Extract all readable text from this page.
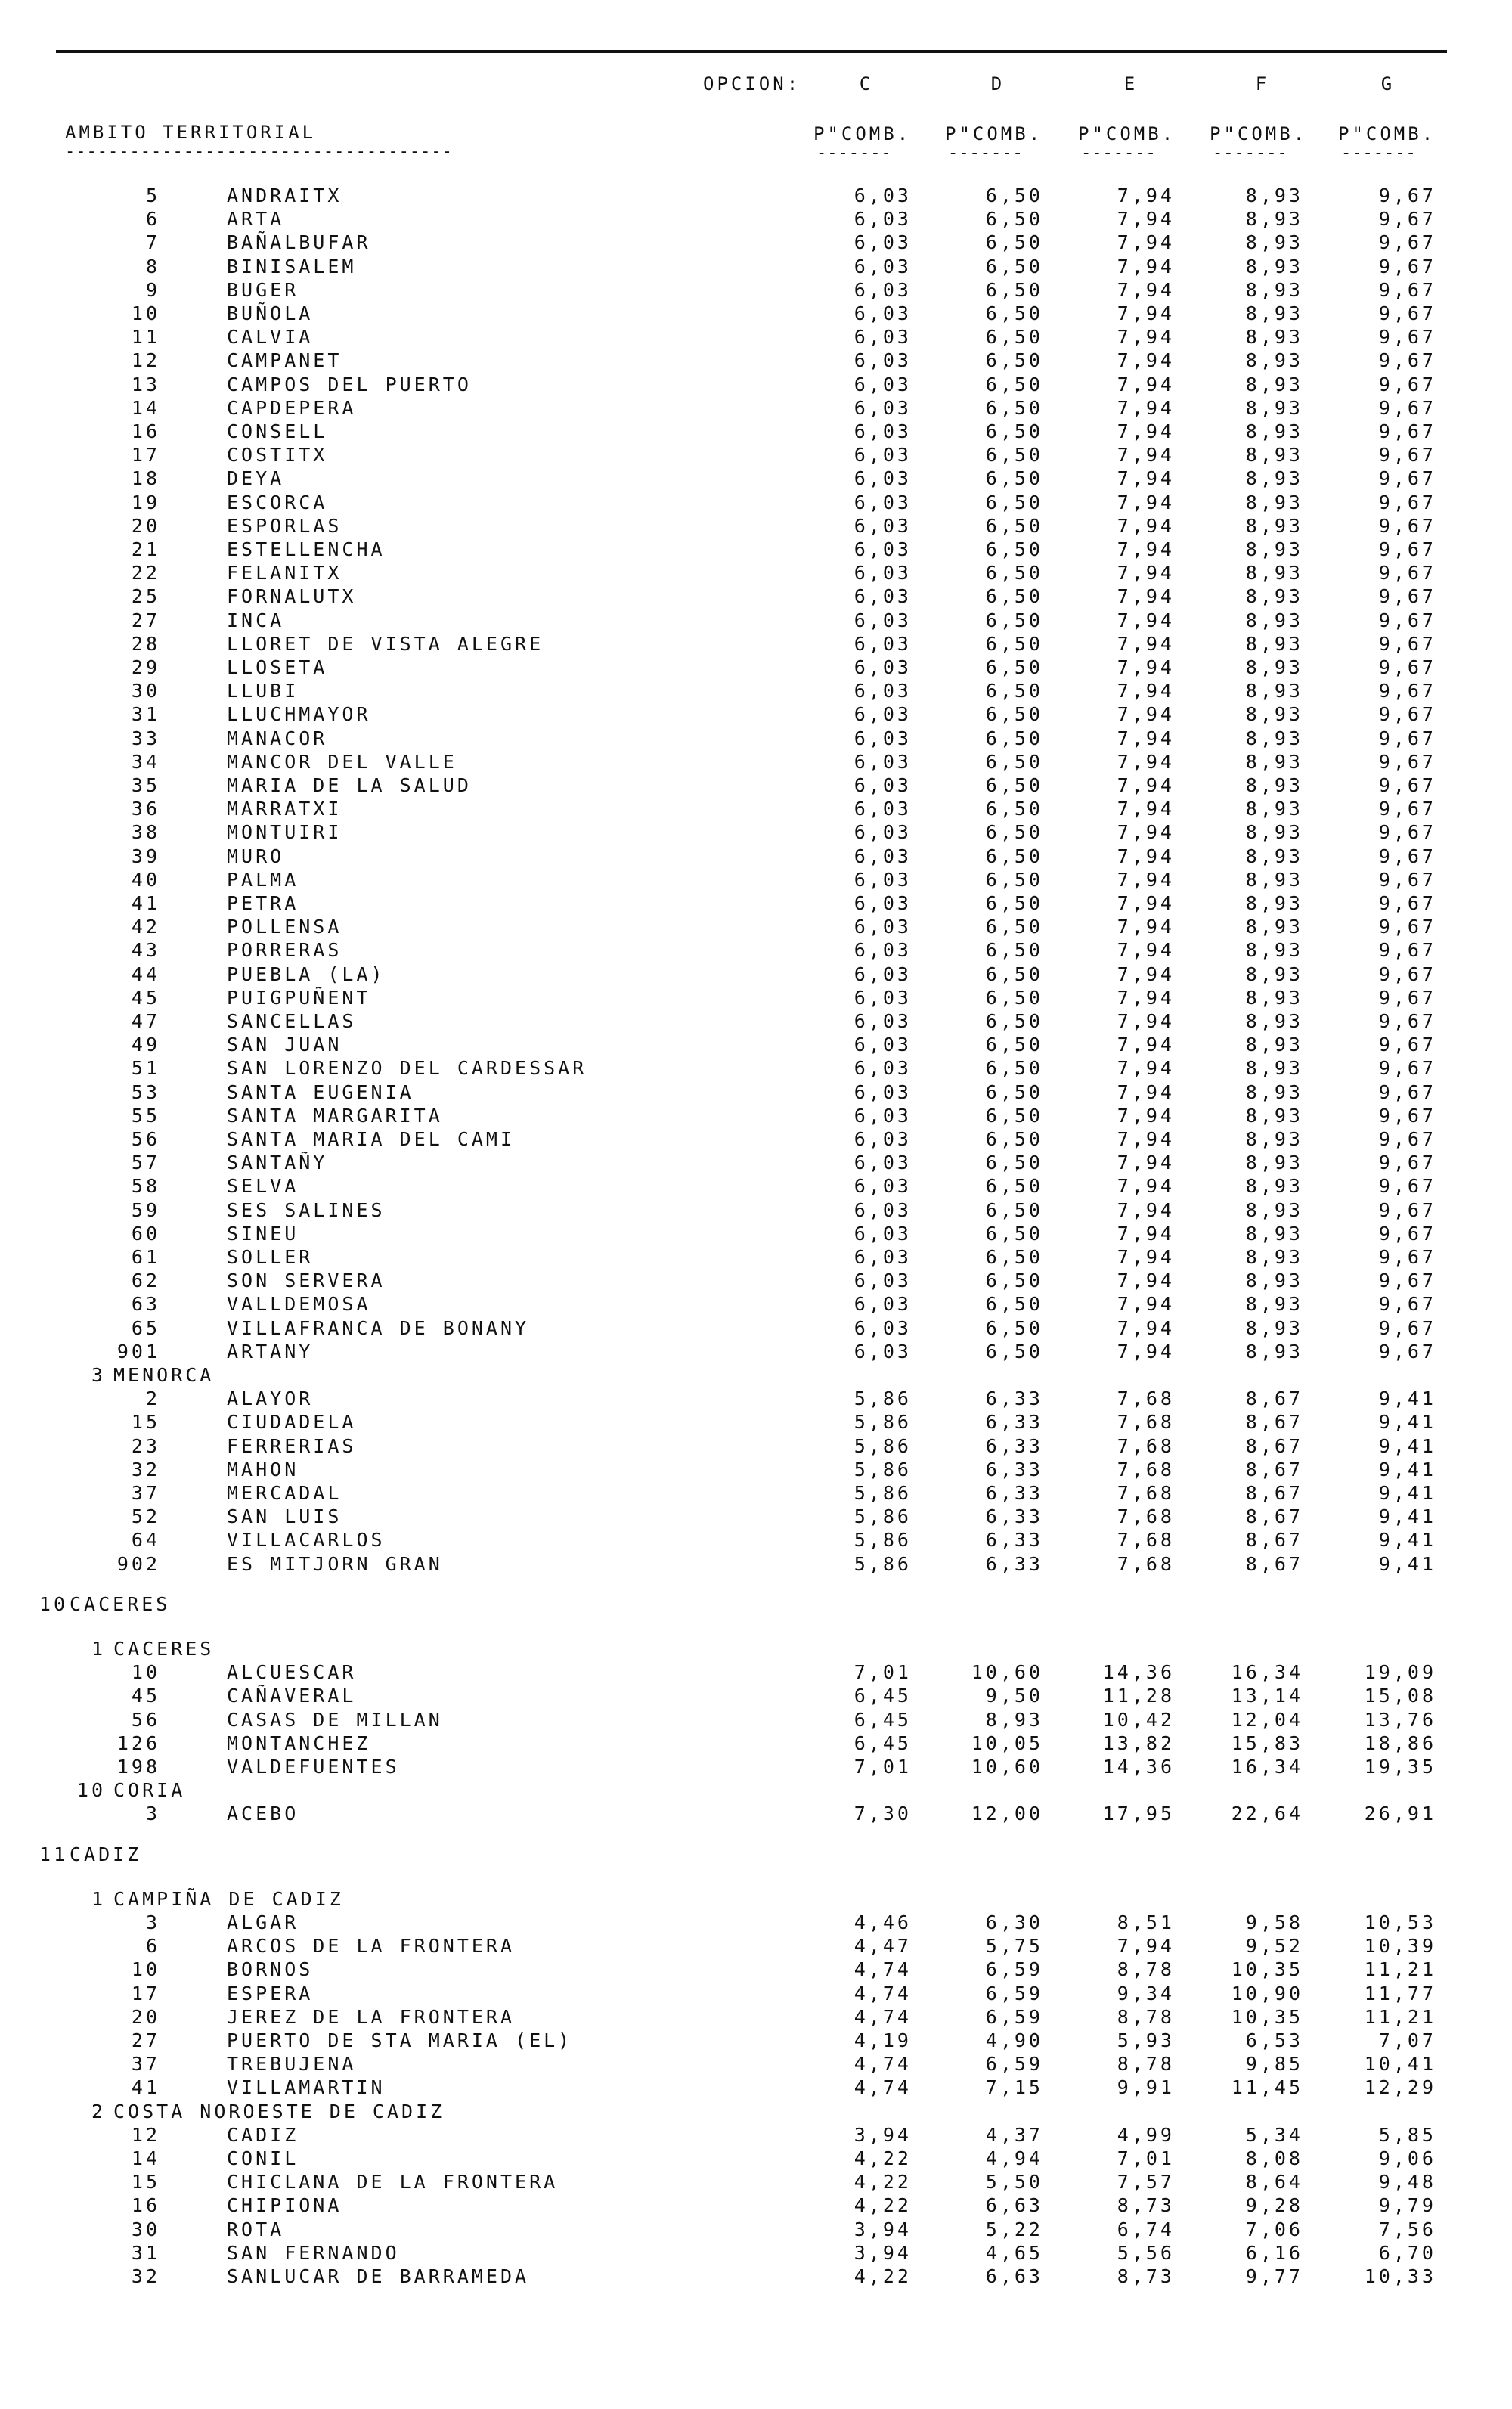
OPCION:	C	D	E	F	G
AMBITO TERRITORIAL
------------------------------------
P"COMB. P"COMB. P"COMB. P"COMB. P"COMB.
-------	-------	-------	-------	-------
5	ANDRAITX	6,03	6,50	7,94	8,93	9,67
6	ARTA	6,03	6,50	7,94	8,93	9,67
7	BAÑALBUFAR	6,03	6,50	7,94	8,93	9,67
8	BINISALEM	6,03	6,50	7,94	8,93	9,67
9	BUGER	6,03	6,50	7,94	8,93	9,67
10	BUÑOLA	6,03	6,50	7,94	8,93	9,67
11	CALVIA	6,03	6,50	7,94	8,93	9,67
12	CAMPANET	6,03	6,50	7,94	8,93	9,67
13	CAMPOS DEL PUERTO	6,03	6,50	7,94	8,93	9,67
14	CAPDEPERA	6,03	6,50	7,94	8,93	9,67
16	CONSELL	6,03	6,50	7,94	8,93	9,67
17	COSTITX	6,03	6,50	7,94	8,93	9,67
18	DEYA	6,03	6,50	7,94	8,93	9,67
19	ESCORCA	6,03	6,50	7,94	8,93	9,67
20	ESPORLAS	6,03	6,50	7,94	8,93	9,67
21	ESTELLENCHA	6,03	6,50	7,94	8,93	9,67
22	FELANITX	6,03	6,50	7,94	8,93	9,67
25	FORNALUTX	6,03	6,50	7,94	8,93	9,67
27	INCA	6,03	6,50	7,94	8,93	9,67
28	LLORET DE VISTA ALEGRE	6,03	6,50	7,94	8,93	9,67
29	LLOSETA	6,03	6,50	7,94	8,93	9,67
30	LLUBI	6,03	6,50	7,94	8,93	9,67
31	LLUCHMAYOR	6,03	6,50	7,94	8,93	9,67
33	MANACOR	6,03	6,50	7,94	8,93	9,67
34	MANCOR DEL VALLE	6,03	6,50	7,94	8,93	9,67
35	MARIA DE LA SALUD	6,03	6,50	7,94	8,93	9,67
36	MARRATXI	6,03	6,50	7,94	8,93	9,67
38	MONTUIRI	6,03	6,50	7,94	8,93	9,67
39	MURO	6,03	6,50	7,94	8,93	9,67
40	PALMA	6,03	6,50	7,94	8,93	9,67
41	PETRA	6,03	6,50	7,94	8,93	9,67
42	POLLENSA	6,03	6,50	7,94	8,93	9,67
43	PORRERAS	6,03	6,50	7,94	8,93	9,67
44	PUEBLA (LA)	6,03	6,50	7,94	8,93	9,67
45	PUIGPUÑENT	6,03	6,50	7,94	8,93	9,67
47	SANCELLAS	6,03	6,50	7,94	8,93	9,67
49	SAN JUAN	6,03	6,50	7,94	8,93	9,67
51	SAN LORENZO DEL CARDESSAR	6,03	6,50	7,94	8,93	9,67
53	SANTA EUGENIA	6,03	6,50	7,94	8,93	9,67
55	SANTA MARGARITA	6,03	6,50	7,94	8,93	9,67
56	SANTA MARIA DEL CAMI	6,03	6,50	7,94	8,93	9,67
57	SANTAÑY	6,03	6,50	7,94	8,93	9,67
58	SELVA	6,03	6,50	7,94	8,93	9,67
59	SES SALINES	6,03	6,50	7,94	8,93	9,67
60	SINEU	6,03	6,50	7,94	8,93	9,67
61	SOLLER	6,03	6,50	7,94	8,93	9,67
62	SON SERVERA	6,03	6,50	7,94	8,93	9,67
63	VALLDEMOSA	6,03	6,50	7,94	8,93	9,67
65	VILLAFRANCA DE BONANY	6,03	6,50	7,94	8,93	9,67
901	ARTANY	6,03	6,50	7,94	8,93	9,67
3 MENORCA
2	ALAYOR	5,86	6,33	7,68	8,67	9,41
15	CIUDADELA	5,86	6,33	7,68	8,67	9,41
23	FERRERIAS	5,86	6,33	7,68	8,67	9,41
32	MAHON	5,86	6,33	7,68	8,67	9,41
37	MERCADAL	5,86	6,33	7,68	8,67	9,41
52	SAN LUIS	5,86	6,33	7,68	8,67	9,41
64	VILLACARLOS	5,86	6,33	7,68	8,67	9,41
902	ES MITJORN GRAN	5,86	6,33	7,68	8,67	9,41
10 CACERES
1 CACERES
10	ALCUESCAR	7,01	10,60	14,36	16,34	19,09
45	CAÑAVERAL	6,45	9,50	11,28	13,14	15,08
56	CASAS DE MILLAN	6,45	8,93	10,42	12,04	13,76
126	MONTANCHEZ	6,45	10,05	13,82	15,83	18,86
198	VALDEFUENTES	7,01	10,60	14,36	16,34	19,35
10 CORIA
3	ACEBO	7,30	12,00	17,95	22,64	26,91
11 CADIZ
1 CAMPIÑA DE CADIZ
3	ALGAR	4,46	6,30	8,51	9,58	10,53
6	ARCOS DE LA FRONTERA	4,47	5,75	7,94	9,52	10,39
10	BORNOS	4,74	6,59	8,78	10,35	11,21
17	ESPERA	4,74	6,59	9,34	10,90	11,77
20	JEREZ DE LA FRONTERA	4,74	6,59	8,78	10,35	11,21
27	PUERTO DE STA MARIA (EL)	4,19	4,90	5,93	6,53	7,07
37	TREBUJENA	4,74	6,59	8,78	9,85	10,41
41	VILLAMARTIN	4,74	7,15	9,91	11,45	12,29
2 COSTA NOROESTE DE CADIZ
12	CADIZ	3,94	4,37	4,99	5,34	5,85
14	CONIL	4,22	4,94	7,01	8,08	9,06
15	CHICLANA DE LA FRONTERA	4,22	5,50	7,57	8,64	9,48
16	CHIPIONA	4,22	6,63	8,73	9,28	9,79
30	ROTA	3,94	5,22	6,74	7,06	7,56
31	SAN FERNANDO	3,94	4,65	5,56	6,16	6,70
32	SANLUCAR DE BARRAMEDA	4,22	6,63	8,73	9,77	10,33
